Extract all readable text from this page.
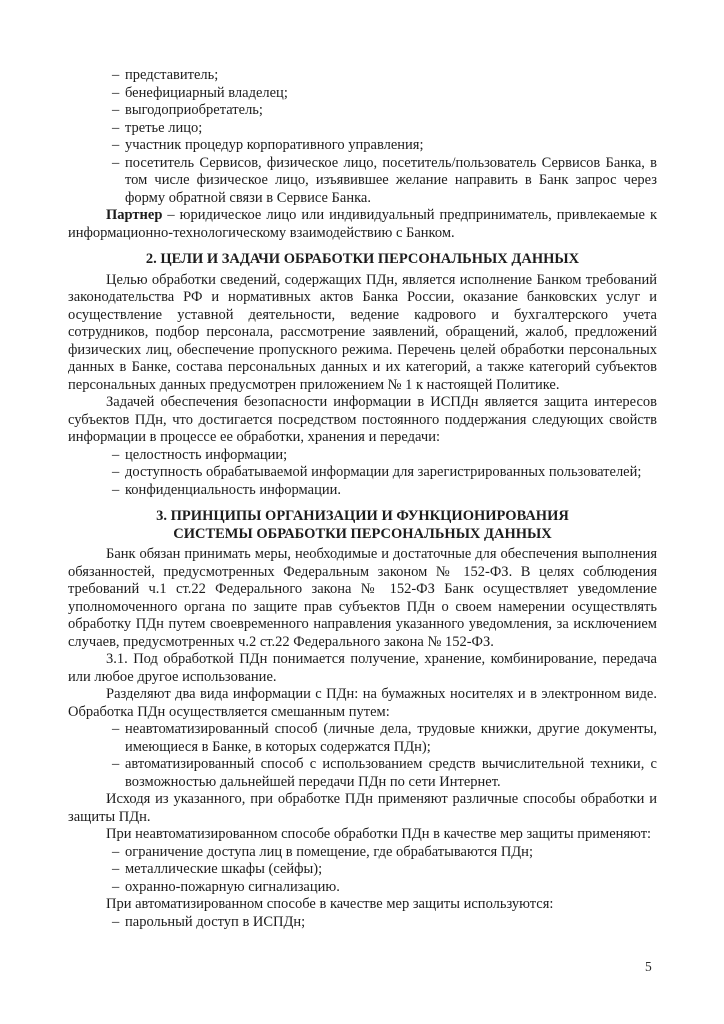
– представитель;
– бенефициарный владелец;
– выгодоприобретатель;
– третье лицо;
– участник процедур корпоративного управления;
– посетитель Сервисов, физическое лицо, посетитель/пользователь Сервисов Банка, в том числе физическое лицо, изъявившее желание направить в Банк запрос через форму обратной связи в Сервисе Банка.

Партнер – юридическое лицо или индивидуальный предприниматель, привлекаемые к информационно-технологическому взаимодействию с Банком.

2. ЦЕЛИ И ЗАДАЧИ ОБРАБОТКИ ПЕРСОНАЛЬНЫХ ДАННЫХ

Целью обработки сведений, содержащих ПДн, является исполнение Банком требований законодательства РФ и нормативных актов Банка России, оказание банковских услуг и осуществление уставной деятельности, ведение кадрового и бухгалтерского учета сотрудников, подбор персонала, рассмотрение заявлений, обращений, жалоб, предложений физических лиц, обеспечение пропускного режима. Перечень целей обработки персональных данных в Банке, состава персональных данных и их категорий, а также категорий субъектов персональных данных предусмотрен приложением № 1 к настоящей Политике.

Задачей обеспечения безопасности информации в ИСПДн является защита интересов субъектов ПДн, что достигается посредством постоянного поддержания следующих свойств информации в процессе ее обработки, хранения и передачи:

– целостность информации;
– доступность обрабатываемой информации для зарегистрированных пользователей;
– конфиденциальность информации.
3. ПРИНЦИПЫ ОРГАНИЗАЦИИ И ФУНКЦИОНИРОВАНИЯ
СИСТЕМЫ ОБРАБОТКИ ПЕРСОНАЛЬНЫХ ДАННЫХ

Банк обязан принимать меры, необходимые и достаточные для обеспечения выполнения обязанностей, предусмотренных Федеральным законом № 152-ФЗ. В целях соблюдения требований ч.1 ст.22 Федерального закона № 152-ФЗ Банк осуществляет уведомление уполномоченного органа по защите прав субъектов ПДн о своем намерении осуществлять обработку ПДн путем своевременного направления указанного уведомления, за исключением случаев, предусмотренных ч.2 ст.22 Федерального закона № 152-ФЗ.

3.1. Под обработкой ПДн понимается получение, хранение, комбинирование, передача или любое другое использование.

Разделяют два вида информации с ПДн: на бумажных носителях и в электронном виде. Обработка ПДн осуществляется смешанным путем:

– неавтоматизированный способ (личные дела, трудовые книжки, другие документы, имеющиеся в Банке, в которых содержатся ПДн);
– автоматизированный способ с использованием средств вычислительной техники, с возможностью дальнейшей передачи ПДн по сети Интернет.

Исходя из указанного, при обработке ПДн применяют различные способы обработки и защиты ПДн.

При неавтоматизированном способе обработки ПДн в качестве мер защиты применяют:

– ограничение доступа лиц в помещение, где обрабатываются ПДн;
– металлические шкафы (сейфы);
– охранно-пожарную сигнализацию.

При автоматизированном способе в качестве мер защиты используются:

– парольный доступ в ИСПДн;
5
